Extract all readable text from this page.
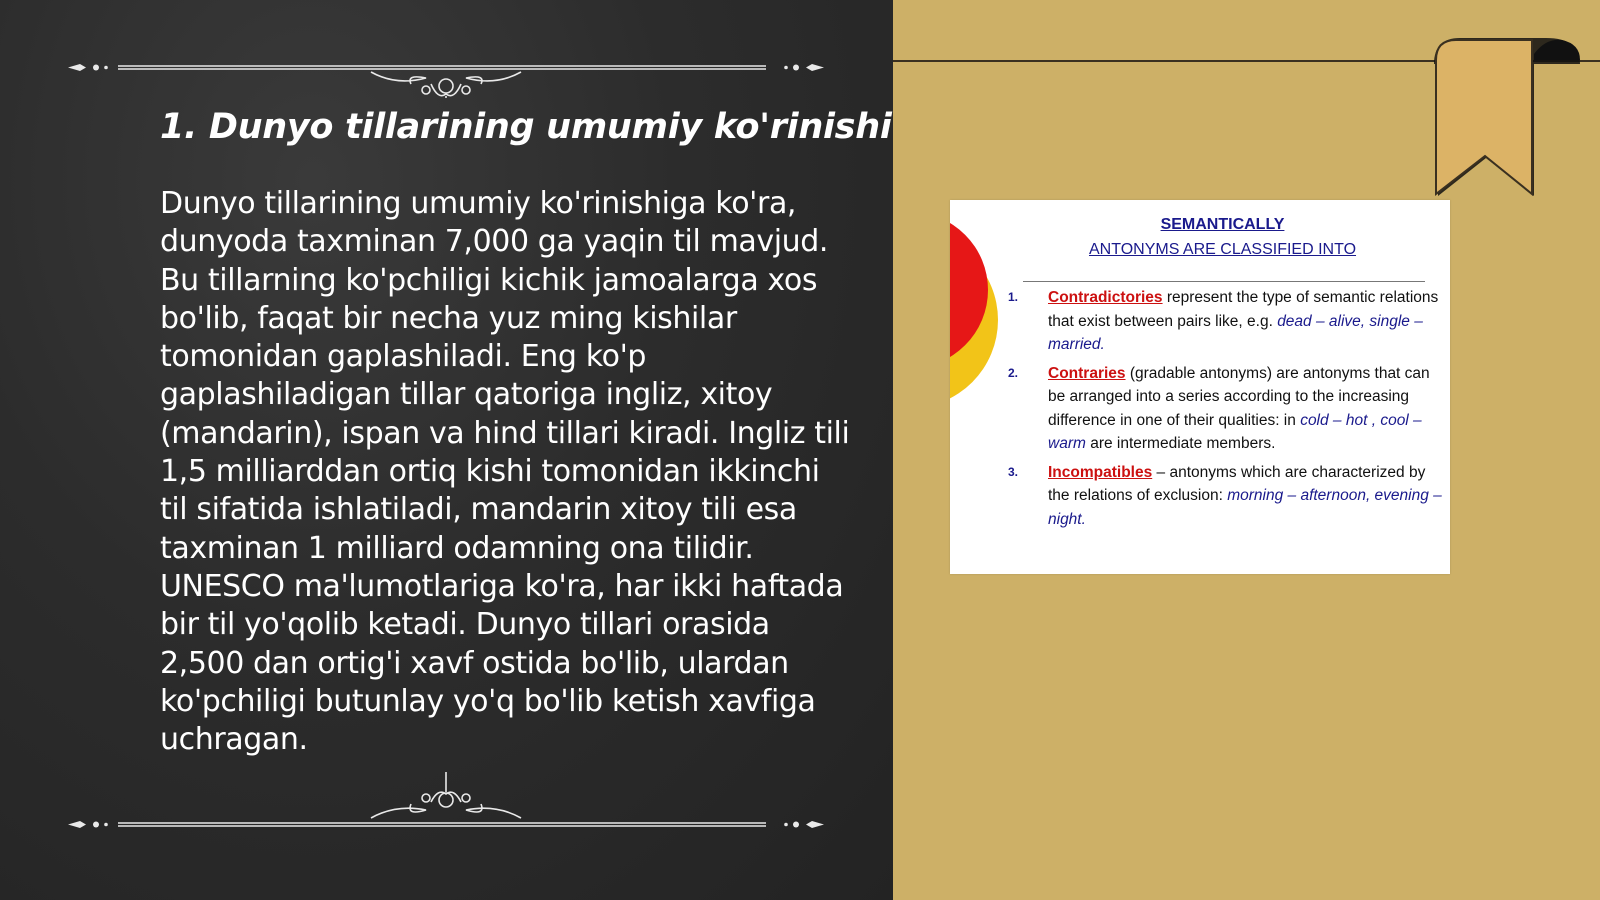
1. Dunyo tillarining umumiy ko'rinishi

Dunyo tillarining umumiy ko'rinishiga ko'ra, dunyoda taxminan 7,000 ga yaqin til mavjud. Bu tillarning ko'pchiligi kichik jamoalarga xos bo'lib, faqat bir necha yuz ming kishilar tomonidan gaplashiladi. Eng ko'p gaplashiladigan tillar qatoriga ingliz, xitoy (mandarin), ispan va hind tillari kiradi. Ingliz tili 1,5 milliarddan ortiq kishi tomonidan ikkinchi til sifatida ishlatiladi, mandarin xitoy tili esa taxminan 1 milliard odamning ona tilidir. UNESCO ma'lumotlariga ko'ra, har ikki haftada bir til yo'qolib ketadi. Dunyo tillari orasida 2,500 dan ortig'i xavf ostida bo'lib, ulardan ko'pchiligi butunlay yo'q bo'lib ketish xavfiga uchragan.

SEMANTICALLY
ANTONYMS ARE CLASSIFIED INTO
1. Contradictories represent the type of semantic relations that exist between pairs like, e.g. dead – alive, single – married.
2. Contraries (gradable antonyms) are antonyms that can be arranged into a series according to the increasing difference in one of their qualities: in cold – hot , cool – warm are intermediate members.
3. Incompatibles – antonyms which are characterized by the relations of exclusion: morning – afternoon, evening – night.
